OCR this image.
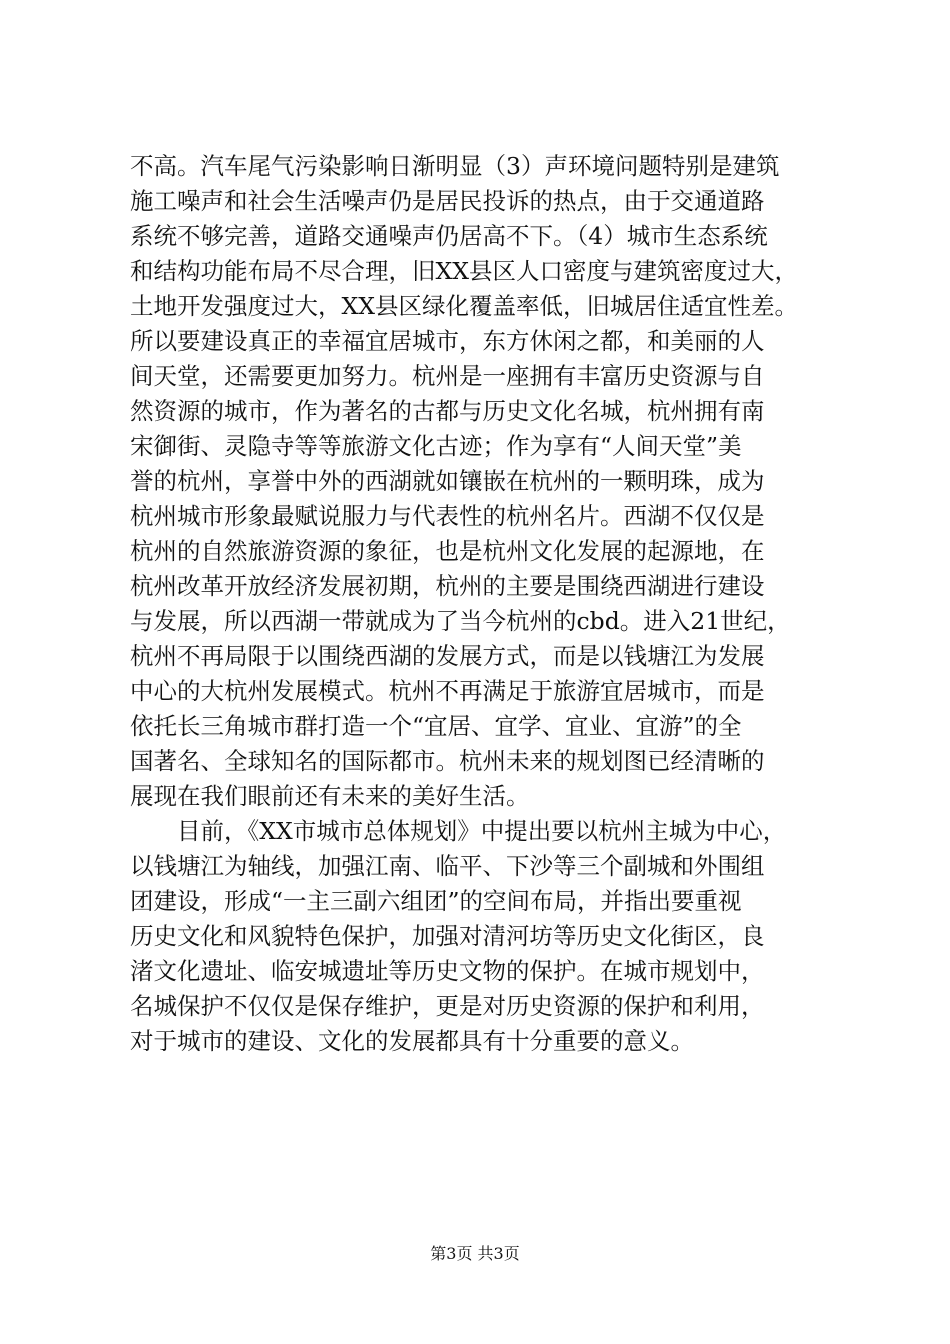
不高。汽车尾气污染影响日渐明显（3）声环境问题特别是建筑
施工噪声和社会生活噪声仍是居民投诉的热点，由于交通道路
系统不够完善，道路交通噪声仍居高不下。（4）城市生态系统
和结构功能布局不尽合理，旧XX县区人口密度与建筑密度过大，
土地开发强度过大，XX县区绿化覆盖率低，旧城居住适宜性差。
所以要建设真正的幸福宜居城市，东方休闲之都，和美丽的人
间天堂，还需要更加努力。杭州是一座拥有丰富历史资源与自
然资源的城市，作为著名的古都与历史文化名城，杭州拥有南
宋御街、灵隐寺等等旅游文化古迹；作为享有“人间天堂”美
誉的杭州，享誉中外的西湖就如镶嵌在杭州的一颗明珠，成为
杭州城市形象最赋说服力与代表性的杭州名片。西湖不仅仅是
杭州的自然旅游资源的象征，也是杭州文化发展的起源地，在
杭州改革开放经济发展初期，杭州的主要是围绕西湖进行建设
与发展，所以西湖一带就成为了当今杭州的cbd。进入21世纪，
杭州不再局限于以围绕西湖的发展方式，而是以钱塘江为发展
中心的大杭州发展模式。杭州不再满足于旅游宜居城市，而是
依托长三角城市群打造一个“宜居、宜学、宜业、宜游”的全
国著名、全球知名的国际都市。杭州未来的规划图已经清晰的
展现在我们眼前还有未来的美好生活。
　　目前，《XX市城市总体规划》中提出要以杭州主城为中心，
以钱塘江为轴线，加强江南、临平、下沙等三个副城和外围组
团建设，形成“一主三副六组团”的空间布局，并指出要重视
历史文化和风貌特色保护，加强对清河坊等历史文化街区，良
渚文化遗址、临安城遗址等历史文物的保护。在城市规划中，
名城保护不仅仅是保存维护，更是对历史资源的保护和利用，
对于城市的建设、文化的发展都具有十分重要的意义。
第3页 共3页
